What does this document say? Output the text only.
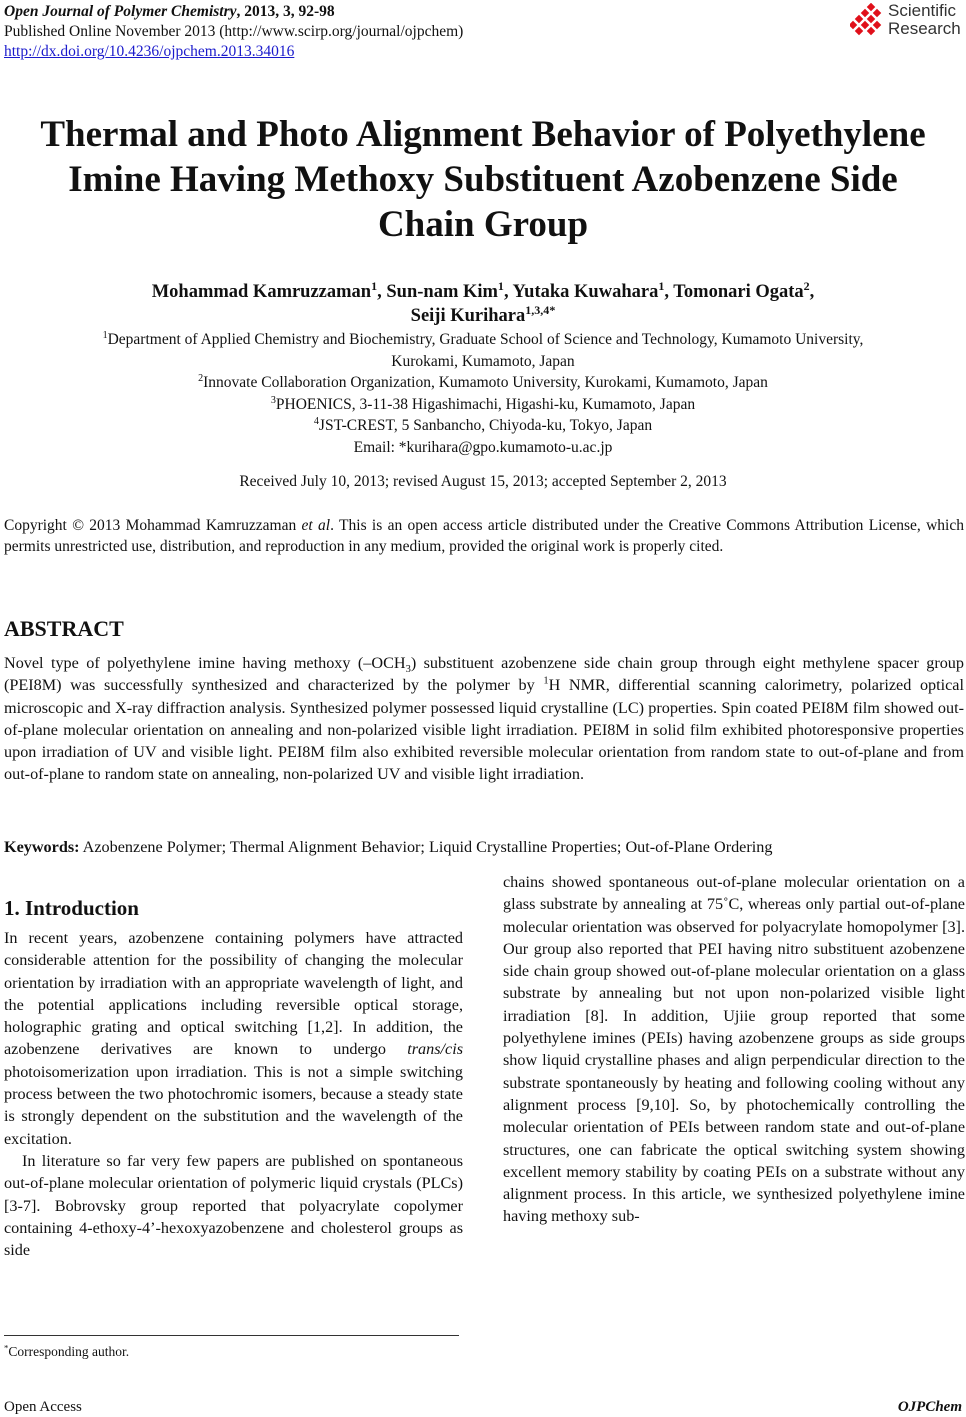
Open Journal of Polymer Chemistry, 2013, 3, 92-98
Published Online November 2013 (http://www.scirp.org/journal/ojpchem)
http://dx.doi.org/10.4236/ojpchem.2013.34016
Scientific
Research
Thermal and Photo Alignment Behavior of Polyethylene
Imine Having Methoxy Substituent Azobenzene Side
Chain Group
Mohammad Kamruzzaman$^1$, Sun-nam Kim$^1$, Yutaka Kuwahara$^1$, Tomonari Ogata$^2$,
Seiji Kurihara$^{1,3,4*}$
$^1$Department of Applied Chemistry and Biochemistry, Graduate School of Science and Technology, Kumamoto University,
Kurokami, Kumamoto, Japan
$^2$Innovate Collaboration Organization, Kumamoto University, Kurokami, Kumamoto, Japan
$^3$PHOENICS, 3-11-38 Higashimachi, Higashi-ku, Kumamoto, Japan
$^4$JST-CREST, 5 Sanbancho, Chiyoda-ku, Tokyo, Japan
Email: *kurihara@gpo.kumamoto-u.ac.jp
Received July 10, 2013; revised August 15, 2013; accepted September 2, 2013
Copyright © 2013 Mohammad Kamruzzaman et al. This is an open access article distributed under the Creative Commons Attribution License, which permits unrestricted use, distribution, and reproduction in any medium, provided the original work is properly cited.
ABSTRACT
Novel type of polyethylene imine having methoxy $(-OCH_3)$ substituent azobenzene side chain group through eight methylene spacer group (PEI8M) was successfully synthesized and characterized by the polymer by $^1$H NMR, differential scanning calorimetry, polarized optical microscopic and X-ray diffraction analysis. Synthesized polymer possessed liquid crystalline (LC) properties. Spin coated PEI8M film showed out-of-plane molecular orientation on annealing and non-polarized visible light irradiation. PEI8M in solid film exhibited photoresponsive properties upon irradiation of UV and visible light. PEI8M film also exhibited reversible molecular orientation from random state to out-of-plane and from out-of-plane to random state on annealing, non-polarized UV and visible light irradiation.
Keywords: Azobenzene Polymer; Thermal Alignment Behavior; Liquid Crystalline Properties; Out-of-Plane Ordering

1. Introduction

In recent years, azobenzene containing polymers have attracted considerable attention for the possibility of changing the molecular orientation by irradiation with an appropriate wavelength of light, and the potential applications including reversible optical storage, holographic grating and optical switching [1,2]. In addition, the azobenzene derivatives are known to undergo trans/cis photoisomerization upon irradiation. This is not a simple switching process between the two photochromic isomers, because a steady state is strongly dependent on the substitution and the wavelength of the excitation.

In literature so far very few papers are published on spontaneous out-of-plane molecular orientation of polymeric liquid crystals (PLCs) [3-7]. Bobrovsky group reported that polyacrylate copolymer containing 4-ethoxy-4’-hexoxyazobenzene and cholesterol groups as side

chains showed spontaneous out-of-plane molecular orientation on a glass substrate by annealing at 75˚C, whereas only partial out-of-plane molecular orientation was observed for polyacrylate homopolymer [3]. Our group also reported that PEI having nitro substituent azobenzene side chain group showed out-of-plane molecular orientation on a glass substrate by annealing but not upon non-polarized visible light irradiation [8]. In addition, Ujiie group reported that some polyethylene imines (PEIs) having azobenzene groups as side groups show liquid crystalline phases and align perpendicular direction to the substrate spontaneously by heating and following cooling without any alignment process [9,10]. So, by photochemically controlling the molecular orientation of PEIs between random state and out-of-plane structures, one can fabricate the optical switching system showing excellent memory stability by coating PEIs on a substrate without any alignment process. In this article, we synthesized polyethylene imine having methoxy sub-

*Corresponding author.
Open Access	OJPChem
